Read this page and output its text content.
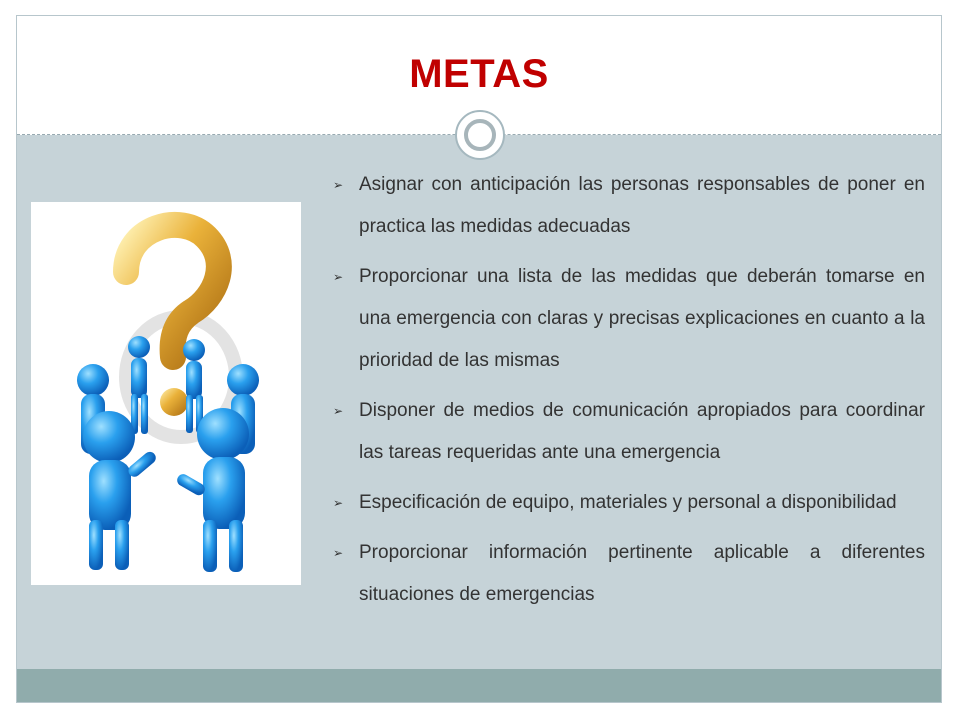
METAS
➢ Asignar con anticipación las personas responsables de poner en practica las medidas adecuadas
➢ Proporcionar una lista de las medidas que deberán tomarse en una emergencia con claras y precisas explicaciones en cuanto a la prioridad de las mismas
➢ Disponer de medios de comunicación apropiados para coordinar las tareas requeridas ante una emergencia
➢ Especificación de equipo, materiales y personal a disponibilidad
➢ Proporcionar información pertinente aplicable a diferentes situaciones de emergencias
